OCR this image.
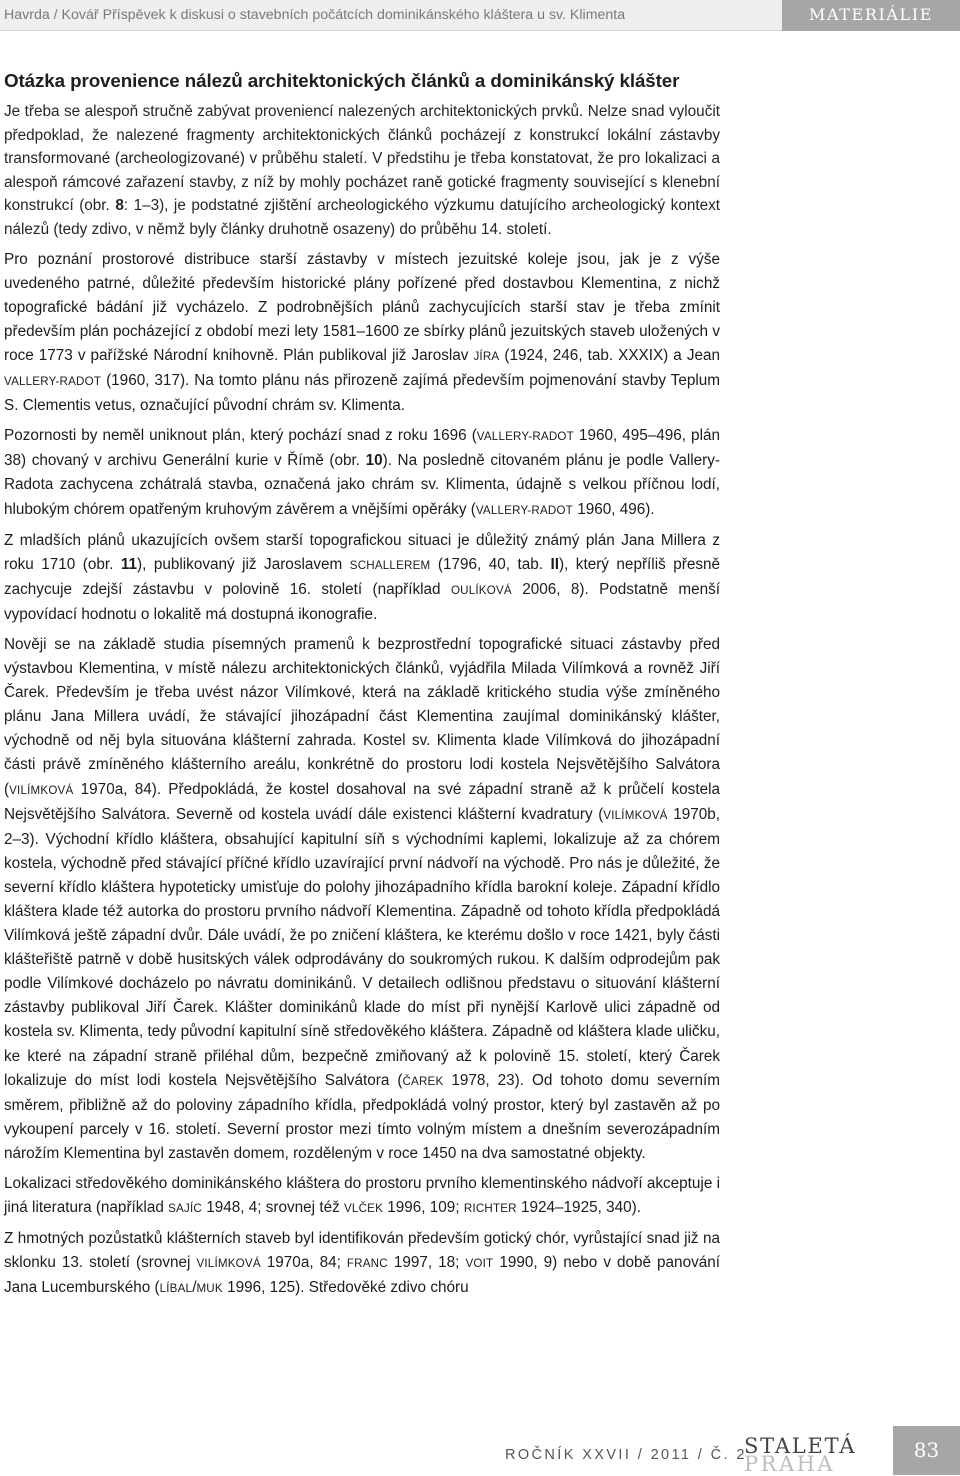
Havrda / Kovář Příspěvek k diskusi o stavebních počátcích dominikánského kláštera u sv. Klimenta	MATERIÁLIE
Otázka provenience nálezů architektonických článků a dominikánský klášter

Je třeba se alespoň stručně zabývat proveniencí nalezených architektonických prvků. Nelze snad vyloučit předpoklad, že nalezené fragmenty architektonických článků pocházejí z konstrukcí lokální zástavby transformované (archeologizované) v průběhu staletí. V předstihu je třeba konstatovat, že pro lokalizaci a alespoň rámcové zařazení stavby, z níž by mohly pocházet raně gotické fragmenty související s klenební konstrukcí (obr. 8: 1–3), je podstatné zjištění archeologického výzkumu datujícího archeologický kontext nálezů (tedy zdivo, v němž byly články druhotně osazeny) do průběhu 14. století.

Pro poznání prostorové distribuce starší zástavby v místech jezuitské koleje jsou, jak je z výše uvedeného patrné, důležité především historické plány pořízené před dostavbou Klementina, z nichž topografické bádání již vycházelo. Z podrobnějších plánů zachycujících starší stav je třeba zmínit především plán pocházející z období mezi lety 1581–1600 ze sbírky plánů jezuitských staveb uložených v roce 1773 v pařížské Národní knihovně. Plán publikoval již Jaroslav JÍRA (1924, 246, tab. XXXIX) a Jean VALLERY-RADOT (1960, 317). Na tomto plánu nás přirozeně zajímá především pojmenování stavby Teplum S. Clementis vetus, označující původní chrám sv. Klimenta.

Pozornosti by neměl uniknout plán, který pochází snad z roku 1696 (VALLERY-RADOT 1960, 495–496, plán 38) chovaný v archivu Generální kurie v Římě (obr. 10). Na posledně citovaném plánu je podle Vallery-Radota zachycena zchátralá stavba, označená jako chrám sv. Klimenta, údajně s velkou příčnou lodí, hlubokým chórem opatřeným kruhovým závěrem a vnějšími opěráky (VALLERY-RADOT 1960, 496).

Z mladších plánů ukazujících ovšem starší topografickou situaci je důležitý známý plán Jana Millera z roku 1710 (obr. 11), publikovaný již Jaroslavem SCHALLEREM (1796, 40, tab. II), který nepříliš přesně zachycuje zdejší zástavbu v polovině 16. století (například OULÍKOVÁ 2006, 8). Podstatně menší vypovídací hodnotu o lokalitě má dostupná ikonografie.

Nověji se na základě studia písemných pramenů k bezprostřední topografické situaci zástavby před výstavbou Klementina, v místě nálezu architektonických článků, vyjádřila Milada Vilímková a rovněž Jiří Čarek. Především je třeba uvést názor Vilímkové, která na základě kritického studia výše zmíněného plánu Jana Millera uvádí, že stávající jihozápadní část Klementina zaujímal dominikánský klášter, východně od něj byla situována klášterní zahrada. Kostel sv. Klimenta klade Vilímková do jihozápadní části právě zmíněného klášterního areálu, konkrétně do prostoru lodi kostela Nejsvětějšího Salvátora (VILÍMKOVÁ 1970a, 84). Předpokládá, že kostel dosahoval na své západní straně až k průčelí kostela Nejsvětějšího Salvátora. Severně od kostela uvádí dále existenci klášterní kvadratury (VILÍMKOVÁ 1970b, 2–3). Východní křídlo kláštera, obsahující kapitulní síň s východními kaplemi, lokalizuje až za chórem kostela, východně před stávající příčné křídlo uzavírající první nádvoří na východě. Pro nás je důležité, že severní křídlo kláštera hypoteticky umisťuje do polohy jihozápadního křídla barokní koleje. Západní křídlo kláštera klade též autorka do prostoru prvního nádvoří Klementina. Západně od tohoto křídla předpokládá Vilímková ještě západní dvůr. Dále uvádí, že po zničení kláštera, ke kterému došlo v roce 1421, byly části klášteřiště patrně v době husitských válek odprodávány do soukromých rukou. K dalším odprodejům pak podle Vilímkové docházelo po návratu dominikánů. V detailech odlišnou představu o situování klášterní zástavby publikoval Jiří Čarek. Klášter dominikánů klade do míst při nynější Karlově ulici západně od kostela sv. Klimenta, tedy původní kapitulní síně středověkého kláštera. Západně od kláštera klade uličku, ke které na západní straně přiléhal dům, bezpečně zmiňovaný až k polovině 15. století, který Čarek lokalizuje do míst lodi kostela Nejsvětějšího Salvátora (ČAREK 1978, 23). Od tohoto domu severním směrem, přibližně až do poloviny západního křídla, předpokládá volný prostor, který byl zastavěn až po vykoupení parcely v 16. století. Severní prostor mezi tímto volným místem a dnešním severozápadním nárožím Klementina byl zastavěn domem, rozděleným v roce 1450 na dva samostatné objekty.

Lokalizaci středověkého dominikánského kláštera do prostoru prvního klementinského nádvoří akceptuje i jiná literatura (například SAJÍC 1948, 4; srovnej též VLČEK 1996, 109; RICHTER 1924–1925, 340).

Z hmotných pozůstatků klášterních staveb byl identifikován především gotický chór, vyrůstající snad již na sklonku 13. století (srovnej VILÍMKOVÁ 1970a, 84; FRANC 1997, 18; VOIT 1990, 9) nebo v době panování Jana Lucemburského (LÍBAL/MUK 1996, 125). Středověké zdivo chóru

ROČNÍK XXVII / 2011 / Č. 2
STALETÁ
PRAHA
83
